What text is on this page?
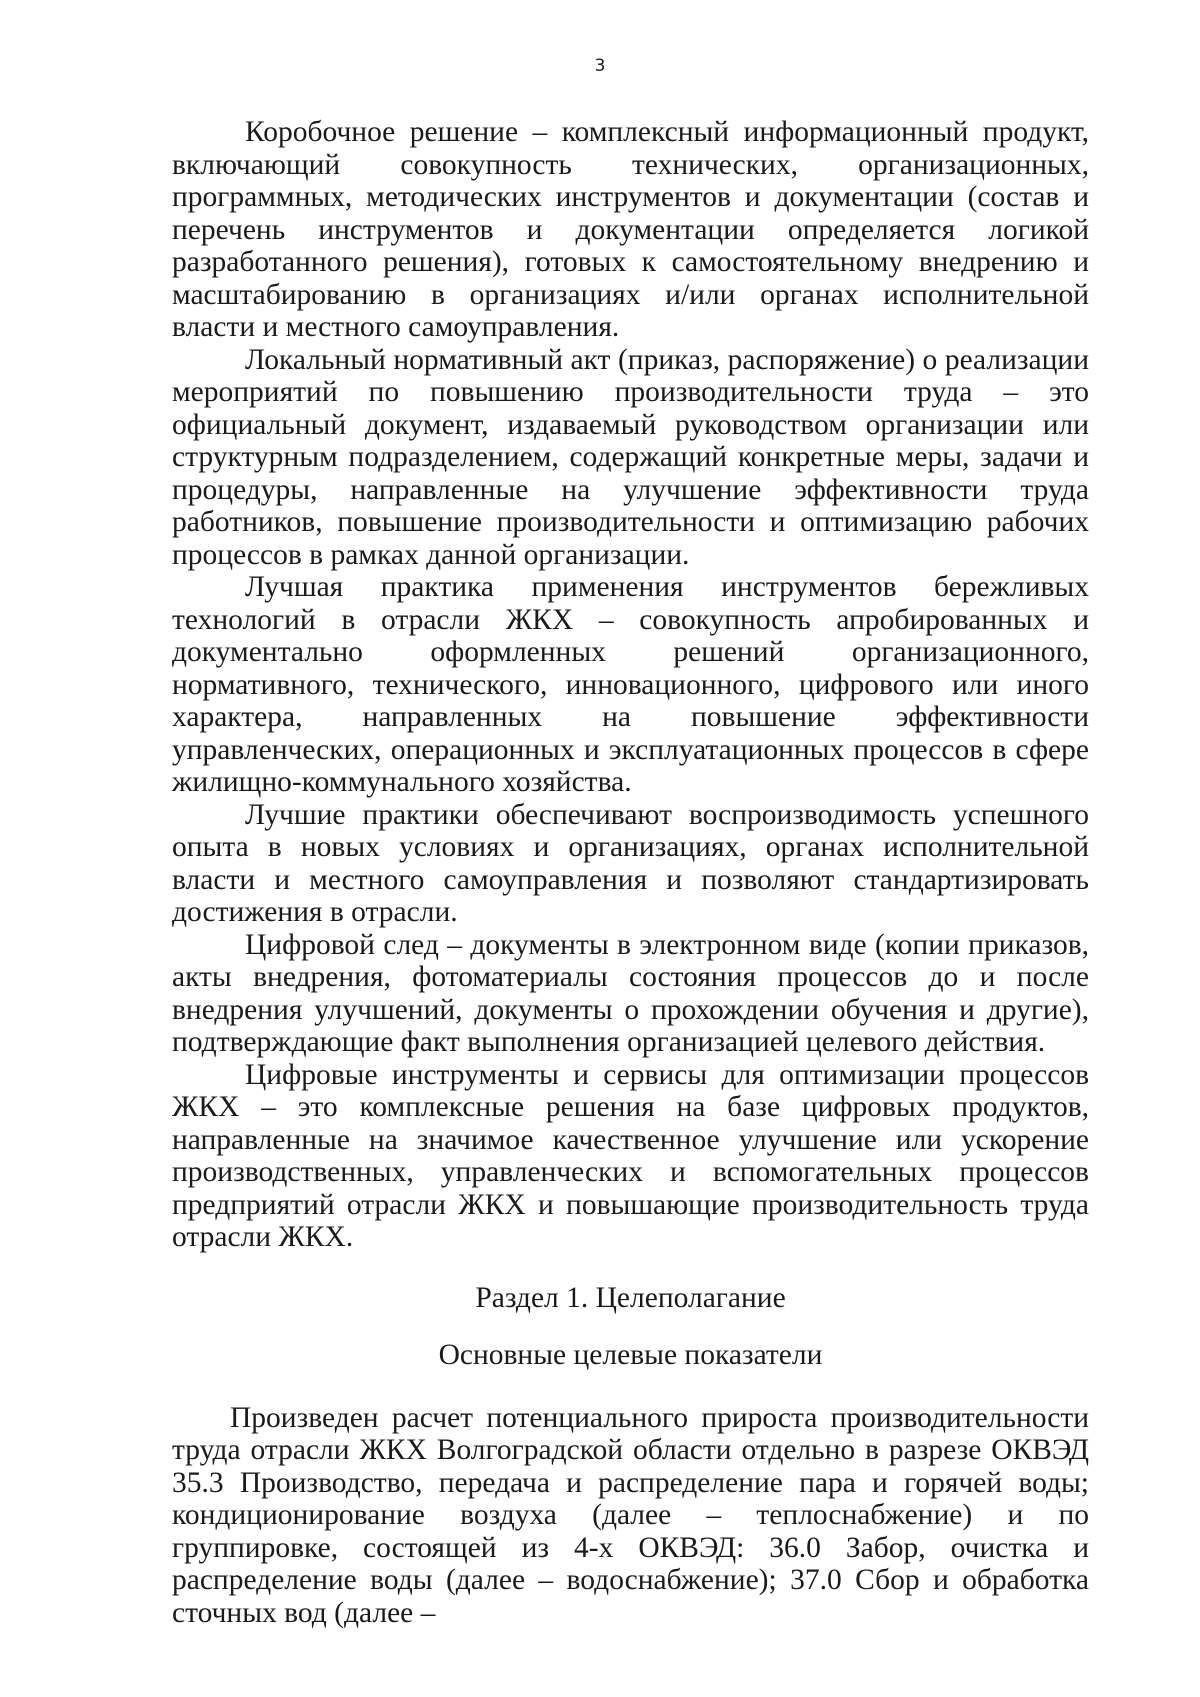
3

Коробочное решение – комплексный информационный продукт, включающий совокупность технических, организационных, программных, методических инструментов и документации (состав и перечень инструментов и документации определяется логикой разработанного решения), готовых к самостоятельному внедрению и масштабированию в организациях и/или органах исполнительной власти и местного самоуправления.

Локальный нормативный акт (приказ, распоряжение) о реализации мероприятий по повышению производительности труда – это официальный документ, издаваемый руководством организации или структурным подразделением, содержащий конкретные меры, задачи и процедуры, направленные на улучшение эффективности труда работников, повышение производительности и оптимизацию рабочих процессов в рамках данной организации.

Лучшая практика применения инструментов бережливых технологий в отрасли ЖКХ – совокупность апробированных и документально оформленных решений организационного, нормативного, технического, инновационного, цифрового или иного характера, направленных на повышение эффективности управленческих, операционных и эксплуатационных процессов в сфере жилищно-коммунального хозяйства.

Лучшие практики обеспечивают воспроизводимость успешного опыта в новых условиях и организациях, органах исполнительной власти и местного самоуправления и позволяют стандартизировать достижения в отрасли.

Цифровой след – документы в электронном виде (копии приказов, акты внедрения, фотоматериалы состояния процессов до и после внедрения улучшений, документы о прохождении обучения и другие), подтверждающие факт выполнения организацией целевого действия.

Цифровые инструменты и сервисы для оптимизации процессов ЖКХ – это комплексные решения на базе цифровых продуктов, направленные на значимое качественное улучшение или ускорение производственных, управленческих и вспомогательных процессов предприятий отрасли ЖКХ и повышающие производительность труда отрасли ЖКХ.

Раздел 1. Целеполагание

Основные целевые показатели

Произведен расчет потенциального прироста производительности труда отрасли ЖКХ Волгоградской области отдельно в разрезе ОКВЭД 35.3 Производство, передача и распределение пара и горячей воды; кондиционирование воздуха (далее – теплоснабжение) и по группировке, состоящей из 4-х ОКВЭД: 36.0 Забор, очистка и распределение воды (далее – водоснабжение); 37.0 Сбор и обработка сточных вод (далее –
